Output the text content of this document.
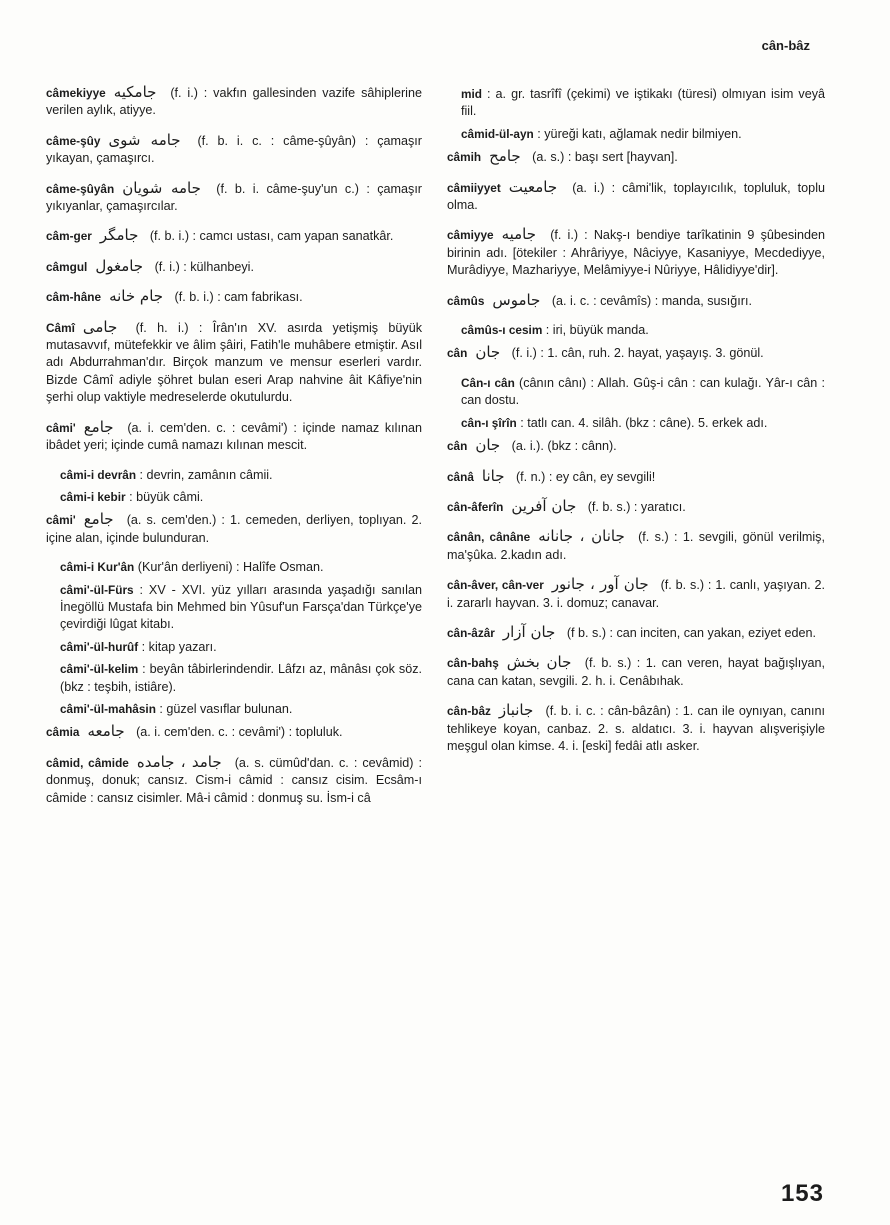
cân-bâz
câmekiyye جامکیه (f. i.) : vakfın gallesinden vazife sâhiplerine verilen aylık, atiyye.
câme-şûy جامه شوی (f. b. i. c. : câme-şûyân) : çamaşır yıkayan, çamaşırcı.
câme-şûyân جامه شویان (f. b. i. câme-şuy'un c.) : çamaşır yıkıyanlar, çamaşırcılar.
câm-ger جامگر (f. b. i.) : camcı ustası, cam yapan sanatkâr.
câmgul جامغول (f. i.) : külhanbeyi.
câm-hâne جام خانه (f. b. i.) : cam fabrikası.
Câmî جامی (f. h. i.) : Îrân'ın XV. asırda yetişmiş büyük mutasavvıf, mütefekkir ve âlim şâiri, Fatih'le muhâbere etmiştir. Asıl adı Abdurrahman'dır. Birçok manzum ve mensur eserleri vardır. Bizde Câmî adiyle şöhret bulan eseri Arap nahvine âit Kâfiye'nin şerhi olup vaktiyle medreselerde okutulurdu.
câmi' جامع (a. i. cem'den. c. : cevâmi') : içinde namaz kılınan ibâdet yeri; içinde cumâ namazı kılınan mescit.
câmi-i devrân : devrin, zamânın câmii.
câmi-i kebir : büyük câmi.
câmi' جامع (a. s. cem'den.) : 1. cemeden, derliyen, toplıyan. 2. içine alan, içinde bulunduran.
câmi-i Kur'ân (Kur'ân derliyeni) : Halîfe Osman.
câmi'-ül-Fürs : XV - XVI. yüz yılları arasında yaşadığı sanılan İnegöllü Mustafa bin Mehmed bin Yûsuf'un Farsça'dan Türkçe'ye çevirdiği lûgat kitabı.
câmi'-ül-hurûf : kitap yazarı.
câmi'-ül-kelim : beyân tâbirlerindendir. Lâfzı az, mânâsı çok söz. (bkz : teşbih, istiâre).
câmi'-ül-mahâsin : güzel vasıflar bulunan.
câmia جامعه (a. i. cem'den. c. : cevâmi') : topluluk.
câmid, câmide جامد ، جامده (a. s. cümûd'dan. c. : cevâmid) : donmuş, donuk; cansız. Cism-i câmid : cansız cisim. Ecsâm-ı câmide : cansız cisimler. Mâ-i câmid : donmuş su. İsm-i câ
mid : a. gr. tasrîfî (çekimi) ve iştikakı (türesi) olmıyan isim veyâ fiil.
câmid-ül-ayn : yüreği katı, ağlamak nedir bilmiyen.
câmih جامح (a. s.) : başı sert [hayvan].
câmiiyyet جامعیت (a. i.) : câmi'lik, toplayıcılık, topluluk, toplu olma.
câmiyye جامیه (f. i.) : Nakş-ı bendiye tarîkatinin 9 şûbesinden birinin adı. [ötekiler : Ahrâriyye, Nâciyye, Kasaniyye, Mecdediyye, Murâdiyye, Mazhariyye, Melâmiyye-i Nûriyye, Hâlidiyye'dir].
câmûs جاموس (a. i. c. : cevâmîs) : manda, susığırı.
câmûs-ı cesim : iri, büyük manda.
cân جان (f. i.) : 1. cân, ruh. 2. hayat, yaşayış. 3. gönül.
Cân-ı cân (cânın cânı) : Allah. Gûş-i cân : can kulağı. Yâr-ı cân : can dostu.
cân-ı şîrîn : tatlı can. 4. silâh. (bkz : câne). 5. erkek adı.
cân جان (a. i.). (bkz : cânn).
cânâ جانا (f. n.) : ey cân, ey sevgili!
cân-âferîn جان آفرین (f. b. s.) : yaratıcı.
cânân, cânâne جانان ، جانانه (f. s.) : 1. sevgili, gönül verilmiş, ma'şûka. 2.kadın adı.
cân-âver, cân-ver جان آور ، جانور (f. b. s.) : 1. canlı, yaşıyan. 2. i. zararlı hayvan. 3. i. domuz; canavar.
cân-âzâr جان آزار (f b. s.) : can inciten, can yakan, eziyet eden.
cân-bahş جان بخش (f. b. s.) : 1. can veren, hayat bağışlıyan, cana can katan, sevgili. 2. h. i. Cenâbıhak.
cân-bâz جانباز (f. b. i. c. : cân-bâzân) : 1. can ile oynıyan, canını tehlikeye koyan, canbaz. 2. s. aldatıcı. 3. i. hayvan alışverişiyle meşgul olan kimse. 4. i. [eski] fedâi atlı asker.
153
